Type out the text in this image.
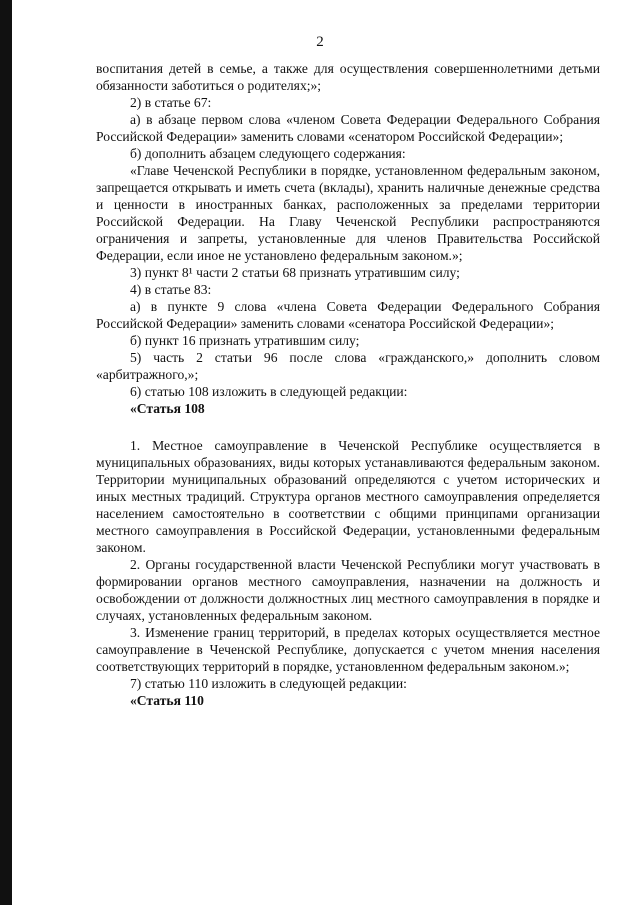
2

воспитания детей в семье, а также для осуществления совершеннолетними детьми обязанности заботиться о родителях;»;

2) в статье 67:

а) в абзаце первом слова «членом Совета Федерации Федерального Собрания Российской Федерации» заменить словами «сенатором Российской Федерации»;

б) дополнить абзацем следующего содержания:

«Главе Чеченской Республики в порядке, установленном федеральным законом, запрещается открывать и иметь счета (вклады), хранить наличные денежные средства и ценности в иностранных банках, расположенных за пределами территории Российской Федерации. На Главу Чеченской Республики распространяются ограничения и запреты, установленные для членов Правительства Российской Федерации, если иное не установлено федеральным законом.»;

3) пункт 8¹ части 2 статьи 68 признать утратившим силу;

4) в статье 83:

а) в пункте 9 слова «члена Совета Федерации Федерального Собрания Российской Федерации» заменить словами «сенатора Российской Федерации»;

б) пункт 16 признать утратившим силу;

5) часть 2 статьи 96 после слова «гражданского,» дополнить словом «арбитражного,»;

6) статью 108 изложить в следующей редакции:

«Статья 108

1. Местное самоуправление в Чеченской Республике осуществляется в муниципальных образованиях, виды которых устанавливаются федеральным законом. Территории муниципальных образований определяются с учетом исторических и иных местных традиций. Структура органов местного самоуправления определяется населением самостоятельно в соответствии с общими принципами организации местного самоуправления в Российской Федерации, установленными федеральным законом.

2. Органы государственной власти Чеченской Республики могут участвовать в формировании органов местного самоуправления, назначении на должность и освобождении от должности должностных лиц местного самоуправления в порядке и случаях, установленных федеральным законом.

3. Изменение границ территорий, в пределах которых осуществляется местное самоуправление в Чеченской Республике, допускается с учетом мнения населения соответствующих территорий в порядке, установленном федеральным законом.»;

7) статью 110 изложить в следующей редакции:

«Статья 110
